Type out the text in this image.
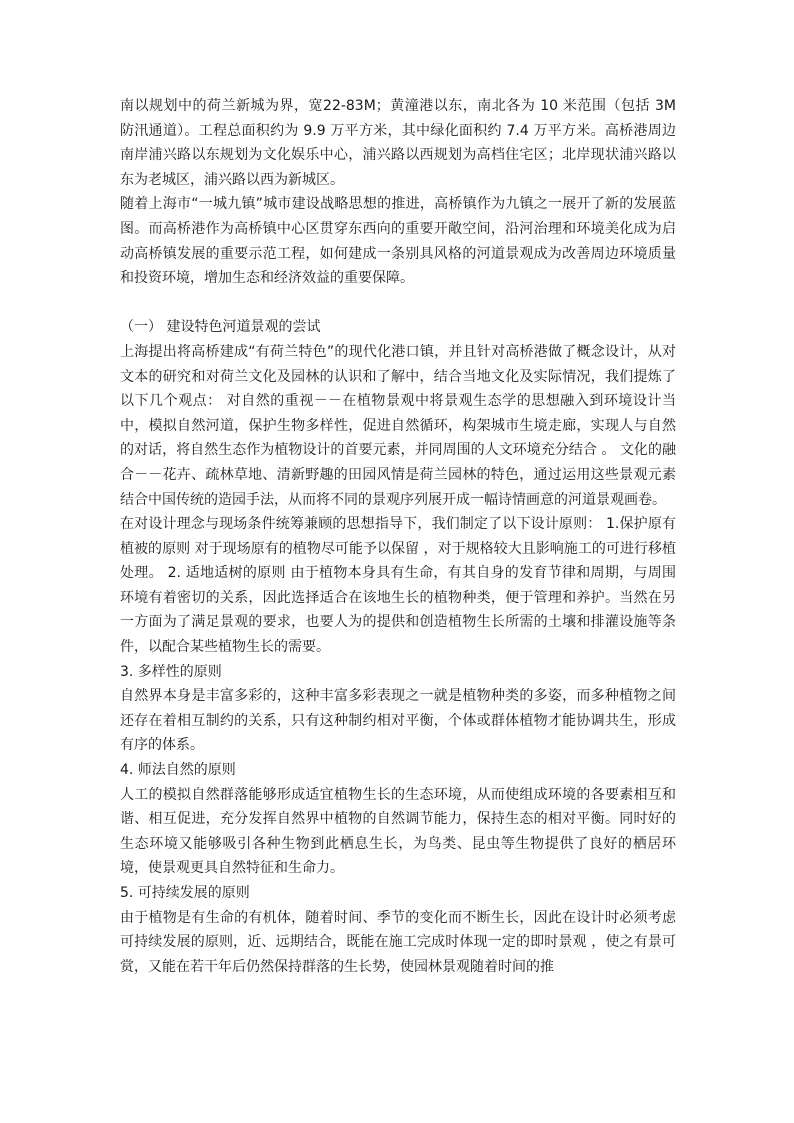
南以规划中的荷兰新城为界，宽22-83M；黄潼港以东，南北各为 10 米范围（包括 3M 防汛通道）。工程总面积约为 9.9 万平方米，其中绿化面积约 7.4 万平方米。高桥港周边南岸浦兴路以东规划为文化娱乐中心，浦兴路以西规划为高档住宅区；北岸现状浦兴路以东为老城区，浦兴路以西为新城区。

随着上海市“一城九镇”城市建设战略思想的推进，高桥镇作为九镇之一展开了新的发展蓝图。而高桥港作为高桥镇中心区贯穿东西向的重要开敞空间，沿河治理和环境美化成为启动高桥镇发展的重要示范工程，如何建成一条别具风格的河道景观成为改善周边环境质量和投资环境，增加生态和经济效益的重要保障。

（一） 建设特色河道景观的尝试

上海提出将高桥建成“有荷兰特色”的现代化港口镇，并且针对高桥港做了概念设计，从对文本的研究和对荷兰文化及园林的认识和了解中，结合当地文化及实际情况，我们提炼了以下几个观点： 对自然的重视－－在植物景观中将景观生态学的思想融入到环境设计当中，模拟自然河道，保护生物多样性，促进自然循环，构架城市生境走廊，实现人与自然的对话，将自然生态作为植物设计的首要元素，并同周围的人文环境充分结合 。 文化的融合－－花卉、疏林草地、清新野趣的田园风情是荷兰园林的特色，通过运用这些景观元素结合中国传统的造园手法，从而将不同的景观序列展开成一幅诗情画意的河道景观画卷。

在对设计理念与现场条件统筹兼顾的思想指导下，我们制定了以下设计原则： 1.保护原有植被的原则 对于现场原有的植物尽可能予以保留 ，对于规格较大且影响施工的可进行移植处理。 2. 适地适树的原则 由于植物本身具有生命，有其自身的发育节律和周期，与周围环境有着密切的关系，因此选择适合在该地生长的植物种类，便于管理和养护。当然在另一方面为了满足景观的要求，也要人为的提供和创造植物生长所需的土壤和排灌设施等条件，以配合某些植物生长的需要。

3. 多样性的原则

自然界本身是丰富多彩的，这种丰富多彩表现之一就是植物种类的多姿，而多种植物之间还存在着相互制约的关系，只有这种制约相对平衡，个体或群体植物才能协调共生，形成有序的体系。

4. 师法自然的原则

人工的模拟自然群落能够形成适宜植物生长的生态环境，从而使组成环境的各要素相互和谐、相互促进，充分发挥自然界中植物的自然调节能力，保持生态的相对平衡。同时好的生态环境又能够吸引各种生物到此栖息生长，为鸟类、昆虫等生物提供了良好的栖居环境，使景观更具自然特征和生命力。

5. 可持续发展的原则

由于植物是有生命的有机体，随着时间、季节的变化而不断生长，因此在设计时必须考虑可持续发展的原则，近、远期结合，既能在施工完成时体现一定的即时景观 ，使之有景可赏，又能在若干年后仍然保持群落的生长势，使园林景观随着时间的推
